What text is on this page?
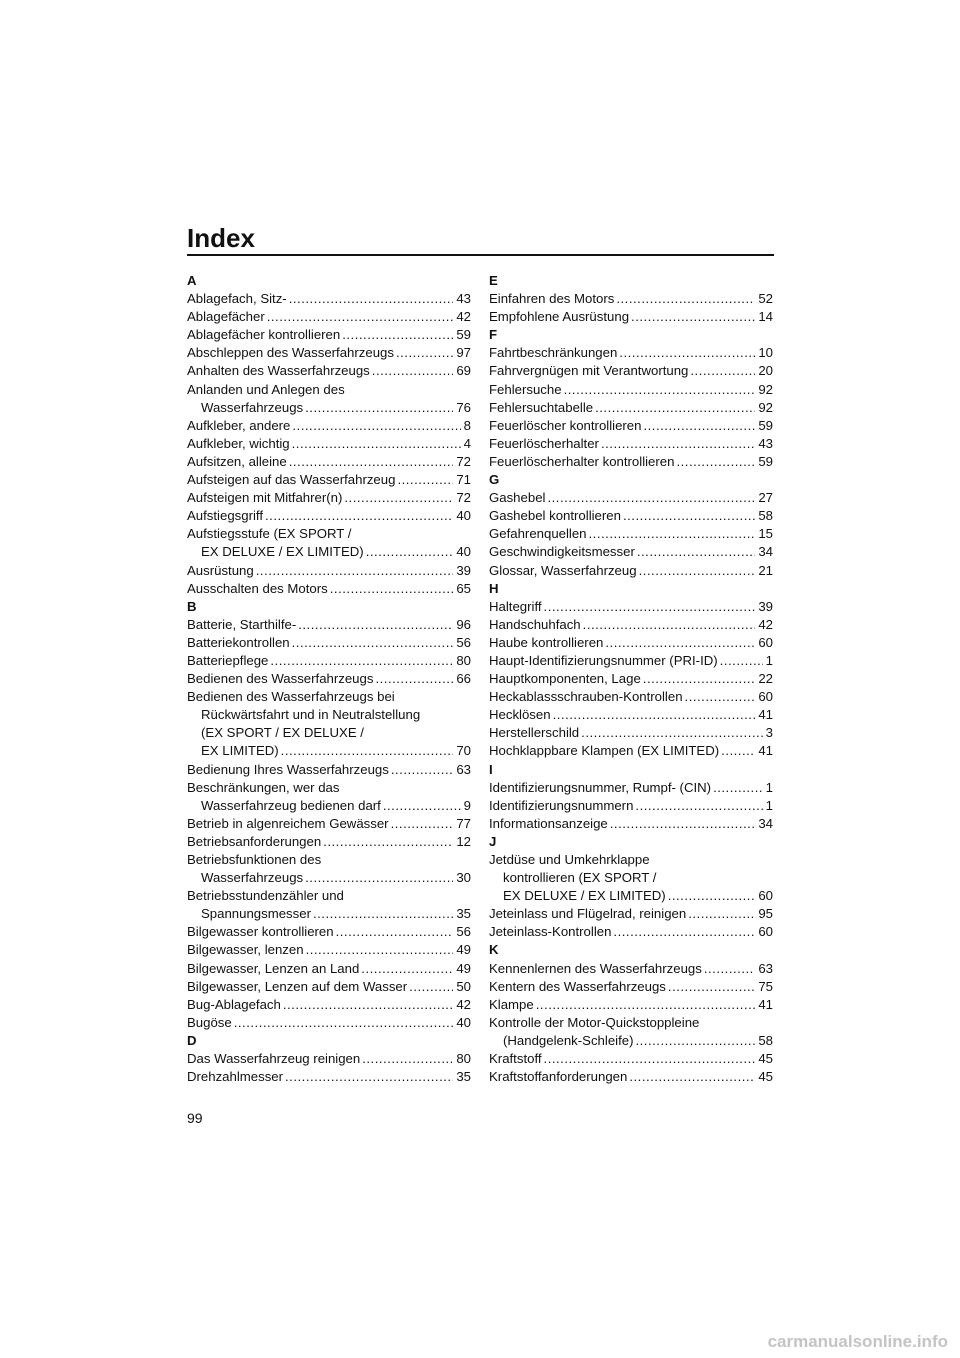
Index
A
Ablagefach, Sitz- .....	43
Ablagefächer .....	42
Ablagefächer kontrollieren .....	59
Abschleppen des Wasserfahrzeugs .....	97
Anhalten des Wasserfahrzeugs .....	69
Anlanden und Anlegen des
Wasserfahrzeugs .....	76
Aufkleber, andere .....	8
Aufkleber, wichtig .....	4
Aufsitzen, alleine .....	72
Aufsteigen auf das Wasserfahrzeug .....	71
Aufsteigen mit Mitfahrer(n) .....	72
Aufstiegsgriff .....	40
Aufstiegsstufe (EX SPORT /
EX DELUXE / EX LIMITED) .....	40
Ausrüstung .....	39
Ausschalten des Motors .....	65
B
Batterie, Starthilfe- .....	96
Batteriekontrollen .....	56
Batteriepflege .....	80
Bedienen des Wasserfahrzeugs .....	66
Bedienen des Wasserfahrzeugs bei
Rückwärtsfahrt und in Neutralstellung
(EX SPORT / EX DELUXE /
EX LIMITED) .....	70
Bedienung Ihres Wasserfahrzeugs .....	63
Beschränkungen, wer das
Wasserfahrzeug bedienen darf .....	9
Betrieb in algenreichem Gewässer .....	77
Betriebsanforderungen .....	12
Betriebsfunktionen des
Wasserfahrzeugs .....	30
Betriebsstundenzähler und
Spannungsmesser .....	35
Bilgewasser kontrollieren .....	56
Bilgewasser, lenzen .....	49
Bilgewasser, Lenzen an Land .....	49
Bilgewasser, Lenzen auf dem Wasser .....	50
Bug-Ablagefach .....	42
Bugöse .....	40
D
Das Wasserfahrzeug reinigen .....	80
Drehzahlmesser .....	35
E
Einfahren des Motors .....	52
Empfohlene Ausrüstung .....	14
F
Fahrtbeschränkungen .....	10
Fahrvergnügen mit Verantwortung .....	20
Fehlersuche .....	92
Fehlersuchtabelle .....	92
Feuerlöscher kontrollieren .....	59
Feuerlöscherhalter .....	43
Feuerlöscherhalter kontrollieren .....	59
G
Gashebel .....	27
Gashebel kontrollieren .....	58
Gefahrenquellen .....	15
Geschwindigkeitsmesser .....	34
Glossar, Wasserfahrzeug .....	21
H
Haltegriff .....	39
Handschuhfach .....	42
Haube kontrollieren .....	60
Haupt-Identifizierungsnummer (PRI-ID) .....	1
Hauptkomponenten, Lage .....	22
Heckablassschrauben-Kontrollen .....	60
Hecklösen .....	41
Herstellerschild .....	3
Hochklappbare Klampen (EX LIMITED) .....	41
I
Identifizierungsnummer, Rumpf- (CIN) .....	1
Identifizierungsnummern .....	1
Informationsanzeige .....	34
J
Jetdüse und Umkehrklappe
kontrollieren (EX SPORT /
EX DELUXE / EX LIMITED) .....	60
Jeteinlass und Flügelrad, reinigen .....	95
Jeteinlass-Kontrollen .....	60
K
Kennenlernen des Wasserfahrzeugs .....	63
Kentern des Wasserfahrzeugs .....	75
Klampe .....	41
Kontrolle der Motor-Quickstoppleine
(Handgelenk-Schleife) .....	58
Kraftstoff .....	45
Kraftstoffanforderungen .....	45
99
carmanualsonline.info
